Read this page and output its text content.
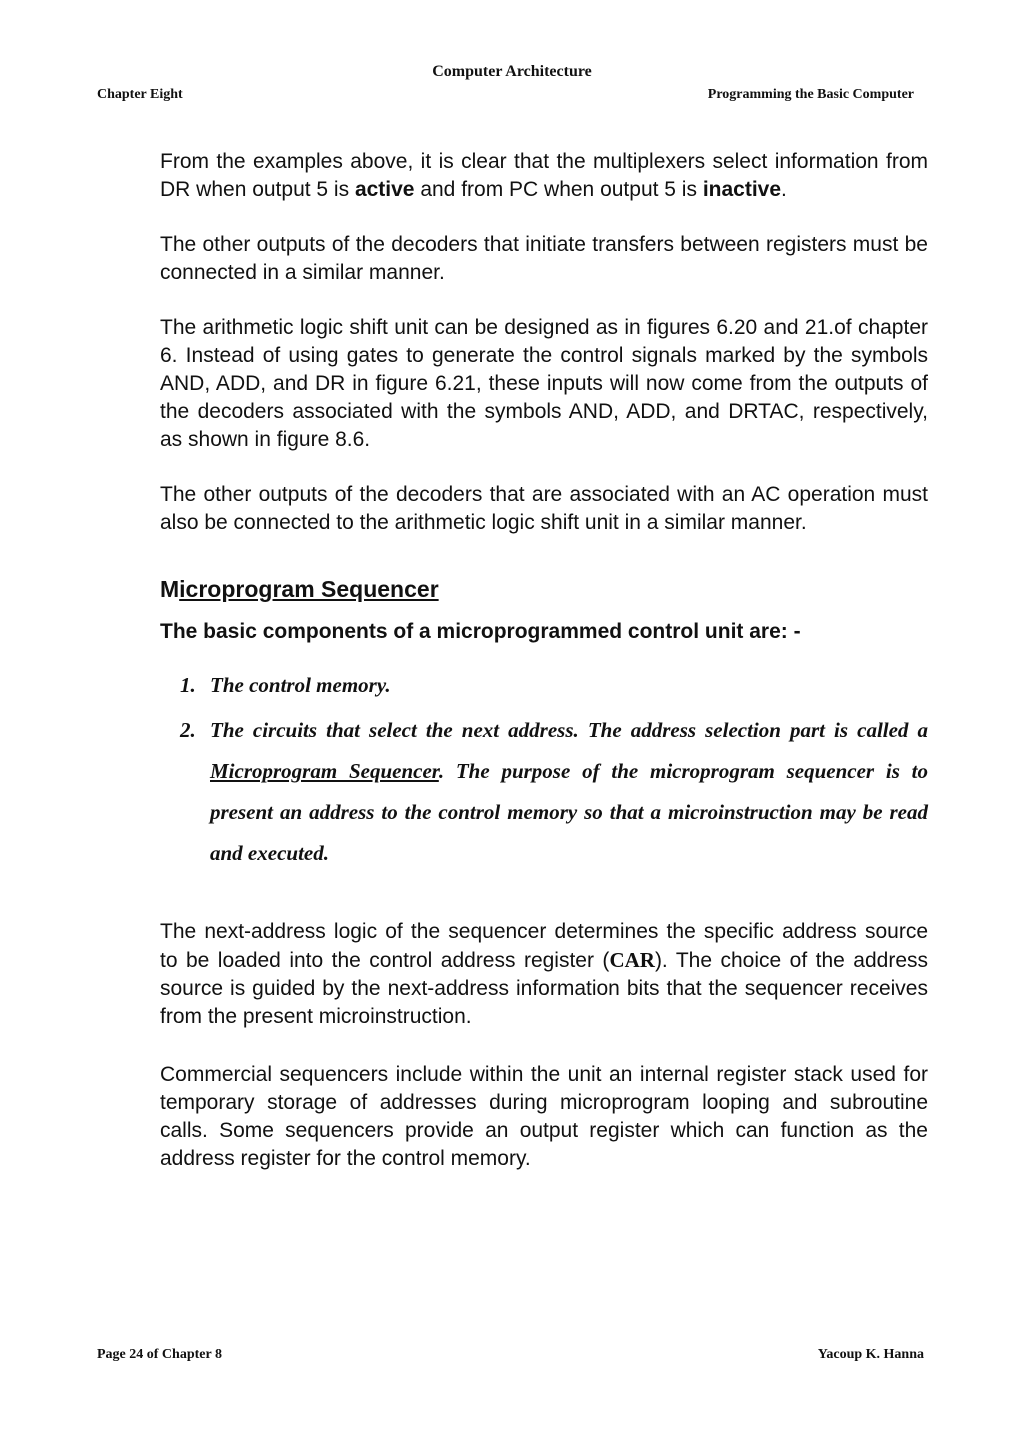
Computer Architecture
Chapter Eight	Programming the Basic Computer

From the examples above, it is clear that the multiplexers select information from DR when output 5 is active and from PC when output 5 is inactive.

The other outputs of the decoders that initiate transfers between registers must be connected in a similar manner.

The arithmetic logic shift unit can be designed as in figures 6.20 and 21.of chapter 6. Instead of using gates to generate the control signals marked by the symbols AND, ADD, and DR in figure 6.21, these inputs will now come from the outputs of the decoders associated with the symbols AND, ADD, and DRTAC, respectively, as shown in figure 8.6.

The other outputs of the decoders that are associated with an AC operation must also be connected to the arithmetic logic shift unit in a similar manner.

Microprogram Sequencer

The basic components of a microprogrammed control unit are: -

1. The control memory.
2. The circuits that select the next address. The address selection part is called a Microprogram Sequencer. The purpose of the microprogram sequencer is to present an address to the control memory so that a microinstruction may be read and executed.

The next-address logic of the sequencer determines the specific address source to be loaded into the control address register (CAR). The choice of the address source is guided by the next-address information bits that the sequencer receives from the present microinstruction.

Commercial sequencers include within the unit an internal register stack used for temporary storage of addresses during microprogram looping and subroutine calls. Some sequencers provide an output register which can function as the address register for the control memory.

Page 24 of Chapter 8	Yacoup K. Hanna
